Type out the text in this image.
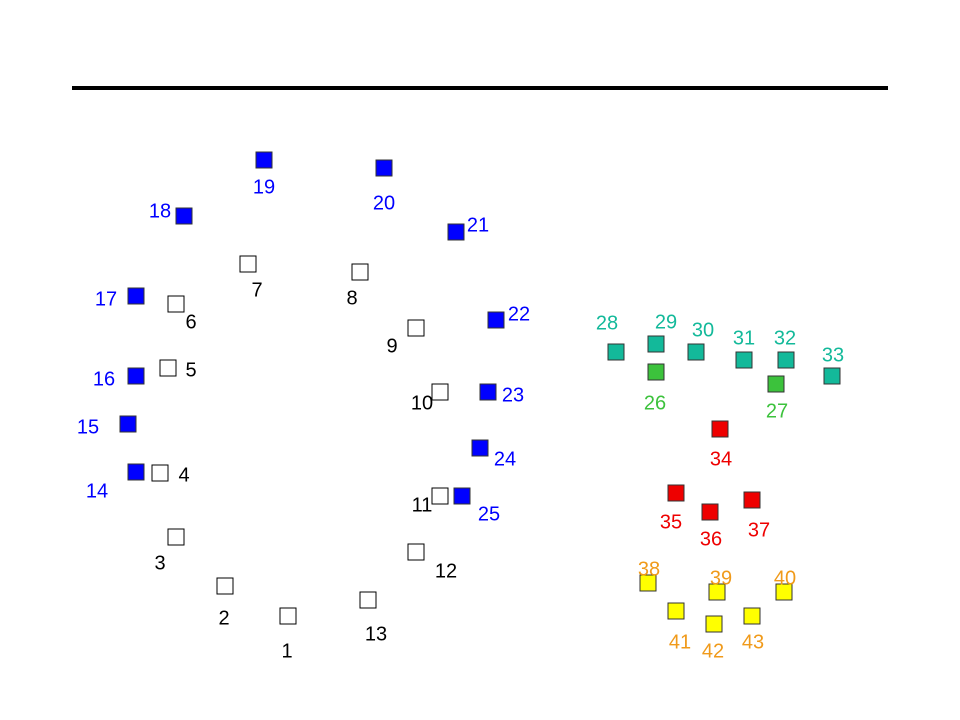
1
2
3
4
5
6
7	8
9
10
11
12
13
14
15
16
17
18
19
20
21
22
23
24
25
26	27
28 29 30 31 32
33
34
35
36 37
38 39 40
41 42 43
